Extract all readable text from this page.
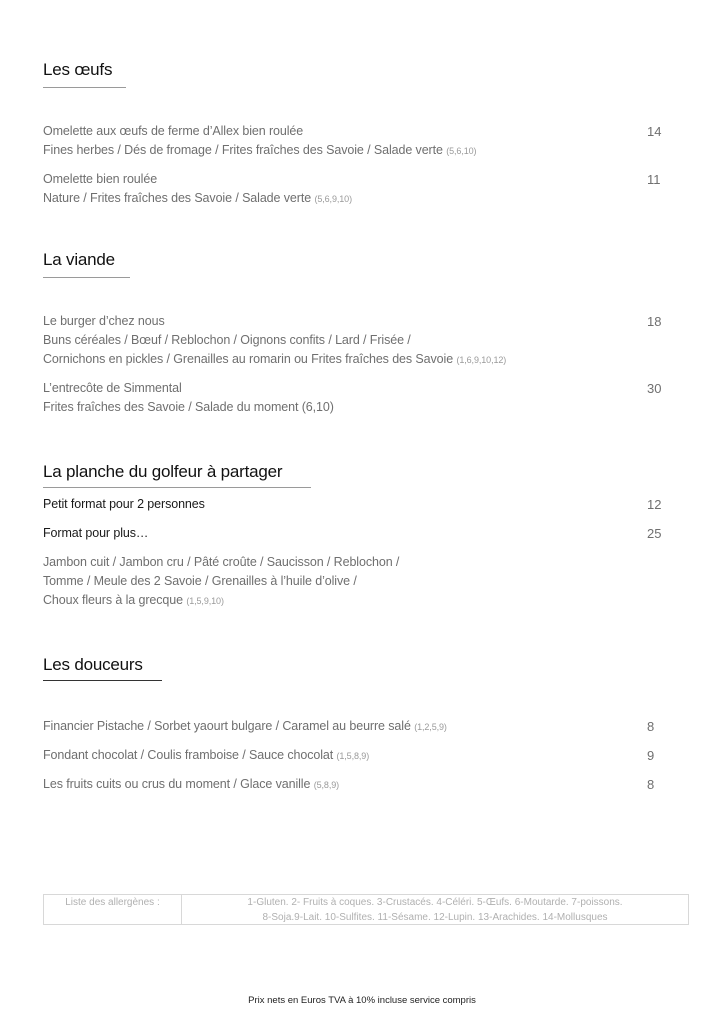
Les œufs
Omelette aux œufs de ferme d’Allex bien roulée	14
Fines herbes / Dés de fromage / Frites fraîches des Savoie / Salade verte (5,6,10)
Omelette bien roulée	11
Nature / Frites fraîches des Savoie / Salade verte (5,6,9,10)
La viande
Le burger d’chez nous	18
Buns céréales / Bœuf / Reblochon / Oignons confits / Lard / Frisée /
Cornichons en pickles / Grenailles au romarin ou Frites fraîches des Savoie (1,6,9,10,12)
L’entrecôte de Simmental	30
Frites fraîches des Savoie / Salade du moment (6,10)
La planche du golfeur à partager
Petit format pour 2 personnes	12
Format pour plus…	25
Jambon cuit / Jambon cru / Pâté croûte / Saucisson / Reblochon /
Tomme / Meule des 2 Savoie / Grenailles à l’huile d’olive /
Choux fleurs à la grecque (1,5,9,10)
Les douceurs
Financier Pistache / Sorbet yaourt bulgare / Caramel au beurre salé (1,2,5,9)	8
Fondant chocolat / Coulis framboise / Sauce chocolat (1,5,8,9)	9
Les fruits cuits ou crus du moment / Glace vanille (5,8,9)	8
Liste des allergènes :	1-Gluten. 2- Fruits à coques. 3-Crustacés. 4-Céléri. 5-Œufs. 6-Moutarde. 7-poissons.
8-Soja.9-Lait. 10-Sulfites. 11-Sésame. 12-Lupin. 13-Arachides. 14-Mollusques
Prix nets en Euros TVA à 10% incluse service compris
